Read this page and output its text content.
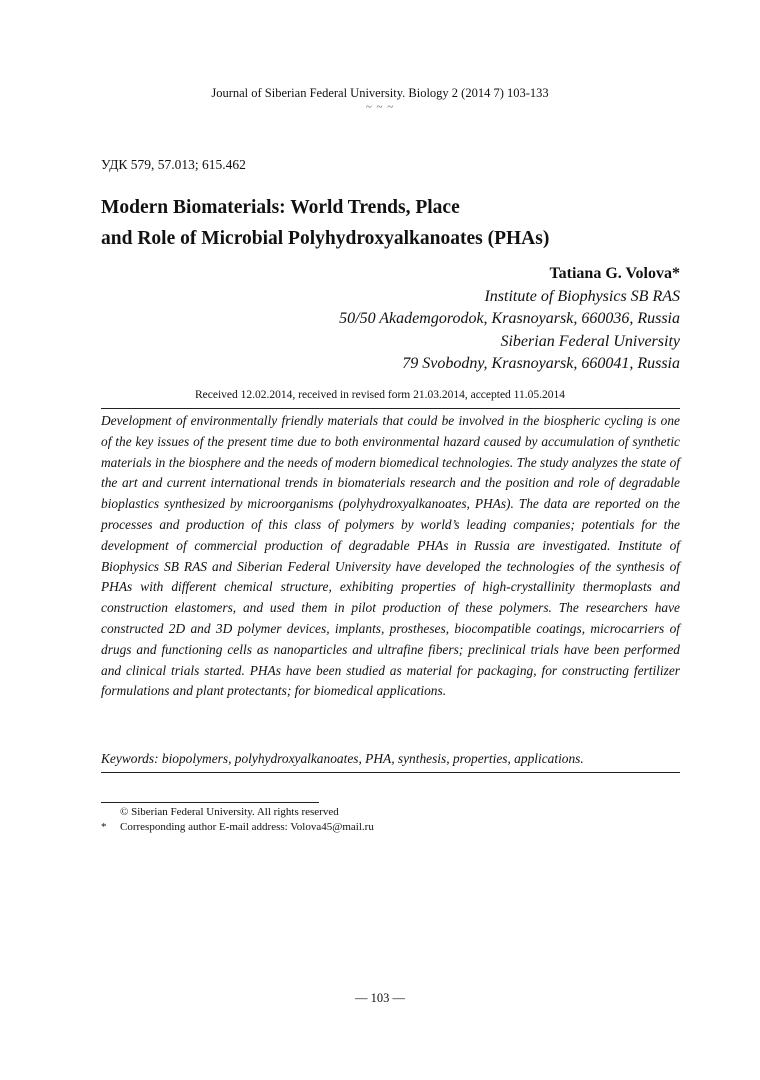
Journal of Siberian Federal University. Biology 2 (2014 7) 103-133
~ ~ ~
УДК 579, 57.013; 615.462
Modern Biomaterials: World Trends, Place
and Role of Microbial Polyhydroxyalkanoates (PHAs)
Tatiana G. Volova*
Institute of Biophysics SB RAS
50/50 Akademgorodok, Krasnoyarsk, 660036, Russia
Siberian Federal University
79 Svobodny, Krasnoyarsk, 660041, Russia
Received 12.02.2014, received in revised form 21.03.2014, accepted 11.05.2014

Development of environmentally friendly materials that could be involved in the biospheric cycling is one of the key issues of the present time due to both environmental hazard caused by accumulation of synthetic materials in the biosphere and the needs of modern biomedical technologies. The study analyzes the state of the art and current international trends in biomaterials research and the position and role of degradable bioplastics synthesized by microorganisms (polyhydroxyalkanoates, PHAs). The data are reported on the processes and production of this class of polymers by world’s leading companies; potentials for the development of commercial production of degradable PHAs in Russia are investigated. Institute of Biophysics SB RAS and Siberian Federal University have developed the technologies of the synthesis of PHAs with different chemical structure, exhibiting properties of high-crystallinity thermoplasts and construction elastomers, and used them in pilot production of these polymers. The researchers have constructed 2D and 3D polymer devices, implants, prostheses, biocompatible coatings, microcarriers of drugs and functioning cells as nanoparticles and ultrafine fibers; preclinical trials have been performed and clinical trials started. PHAs have been studied as material for packaging, for constructing fertilizer formulations and plant protectants; for biomedical applications.

Keywords: biopolymers, polyhydroxyalkanoates, PHA, synthesis, properties, applications.
© Siberian Federal University. All rights reserved
* Corresponding author E-mail address: Volova45@mail.ru
— 103 —
